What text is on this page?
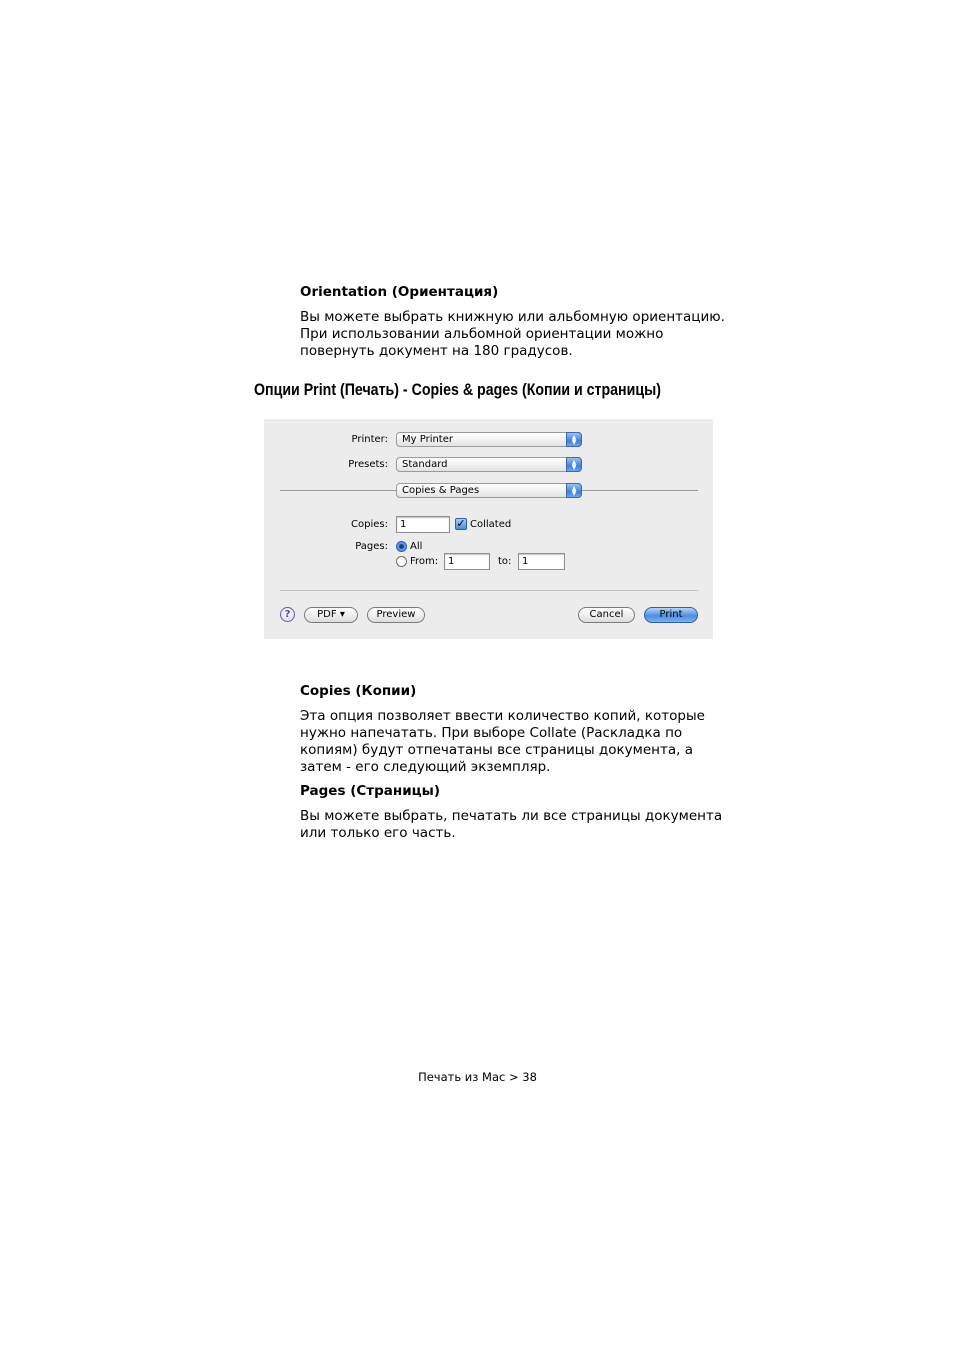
Orientation (Ориентация)
Вы можете выбрать книжную или альбомную ориентацию.
При использовании альбомной ориентации можно
повернуть документ на 180 градусов.
Опции Print (Печать) - Copies & pages (Копии и страницы)
Printer:	My Printer	▲
▼
Presets:	Standard	▲
▼
Copies & Pages	▲
▼
Copies:	1	✓ Collated
Pages: All
From: 1	to:	1
?	PDF ▾	Preview	Cancel	Print
Copies (Копии)
Эта опция позволяет ввести количество копий, которые
нужно напечатать. При выборе Collate (Раскладка по
копиям) будут отпечатаны все страницы документа, а
затем - его следующий экземпляр.
Pages (Страницы)
Вы можете выбрать, печатать ли все страницы документа
или только его часть.
Печать из Mac > 38
